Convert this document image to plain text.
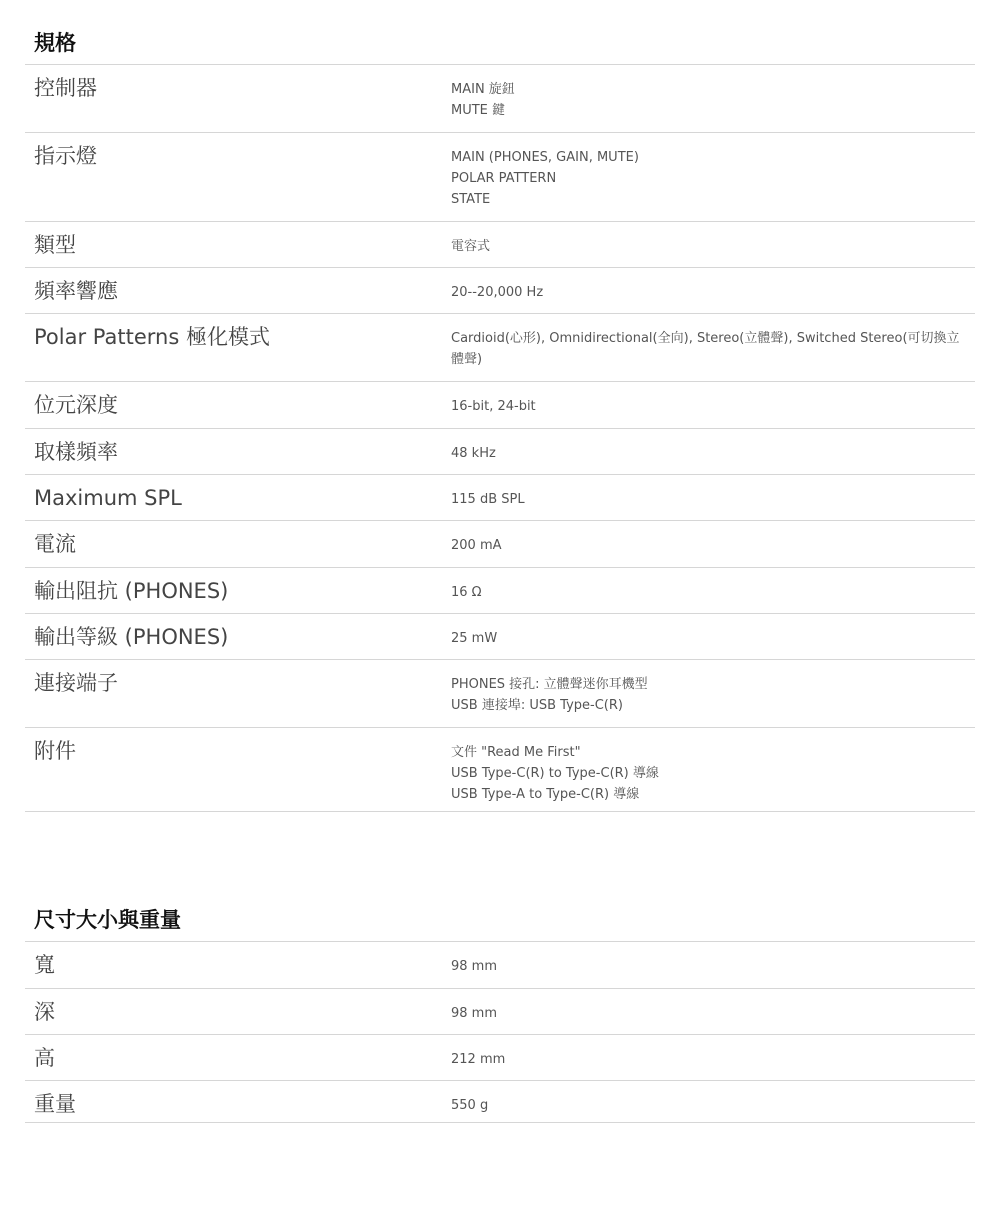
規格
控制器	MAIN 旋鈕
MUTE 鍵
指示燈	MAIN (PHONES, GAIN, MUTE)
POLAR PATTERN
STATE
類型	電容式
頻率響應	20--20,000 Hz
Polar Patterns 極化模式	Cardioid(心形), Omnidirectional(全向), Stereo(立體聲), Switched Stereo(可切換立體聲)
位元深度	16-bit, 24-bit
取樣頻率	48 kHz
Maximum SPL	115 dB SPL
電流	200 mA
輸出阻抗 (PHONES)	16 Ω
輸出等級 (PHONES)	25 mW
連接端子	PHONES 接孔: 立體聲迷你耳機型
USB 連接埠: USB Type-C(R)
附件	文件 "Read Me First"
USB Type-C(R) to Type-C(R) 導線
USB Type-A to Type-C(R) 導線
尺寸大小與重量
寬	98 mm
深	98 mm
高	212 mm
重量	550 g
